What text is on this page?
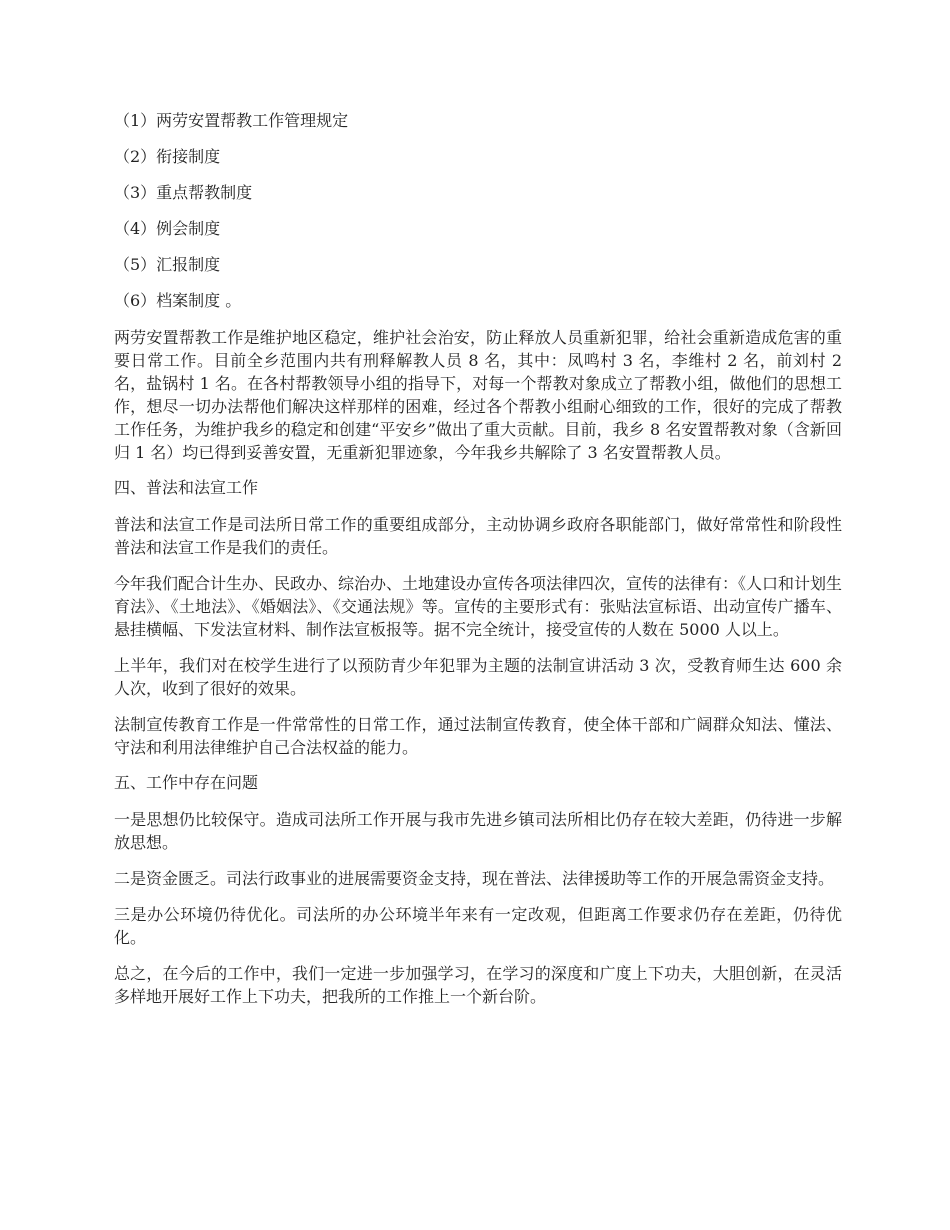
（1）两劳安置帮教工作管理规定
（2）衔接制度
（3）重点帮教制度
（4）例会制度
（5）汇报制度
（6）档案制度 。

两劳安置帮教工作是维护地区稳定，维护社会治安，防止释放人员重新犯罪，给社会重新造成危害的重要日常工作。目前全乡范围内共有刑释解教人员 8 名，其中：凤鸣村 3 名，李维村 2 名，前刘村 2 名，盐锅村 1 名。在各村帮教领导小组的指导下，对每一个帮教对象成立了帮教小组，做他们的思想工作，想尽一切办法帮他们解决这样那样的困难，经过各个帮教小组耐心细致的工作，很好的完成了帮教工作任务，为维护我乡的稳定和创建“平安乡”做出了重大贡献。目前，我乡 8 名安置帮教对象（含新回归 1 名）均已得到妥善安置，无重新犯罪迹象，今年我乡共解除了 3 名安置帮教人员。

四、普法和法宣工作

普法和法宣工作是司法所日常工作的重要组成部分，主动协调乡政府各职能部门，做好常常性和阶段性普法和法宣工作是我们的责任。

今年我们配合计生办、民政办、综治办、土地建设办宣传各项法律四次，宣传的法律有：《人口和计划生育法》、《土地法》、《婚姻法》、《交通法规》等。宣传的主要形式有：张贴法宣标语、出动宣传广播车、悬挂横幅、下发法宣材料、制作法宣板报等。据不完全统计，接受宣传的人数在 5000 人以上。

上半年，我们对在校学生进行了以预防青少年犯罪为主题的法制宣讲活动 3 次，受教育师生达 600 余人次，收到了很好的效果。

法制宣传教育工作是一件常常性的日常工作，通过法制宣传教育，使全体干部和广阔群众知法、懂法、守法和利用法律维护自己合法权益的能力。

五、工作中存在问题

一是思想仍比较保守。造成司法所工作开展与我市先进乡镇司法所相比仍存在较大差距，仍待进一步解放思想。

二是资金匮乏。司法行政事业的进展需要资金支持，现在普法、法律援助等工作的开展急需资金支持。

三是办公环境仍待优化。司法所的办公环境半年来有一定改观，但距离工作要求仍存在差距，仍待优化。

总之，在今后的工作中，我们一定进一步加强学习，在学习的深度和广度上下功夫，大胆创新，在灵活多样地开展好工作上下功夫，把我所的工作推上一个新台阶。
